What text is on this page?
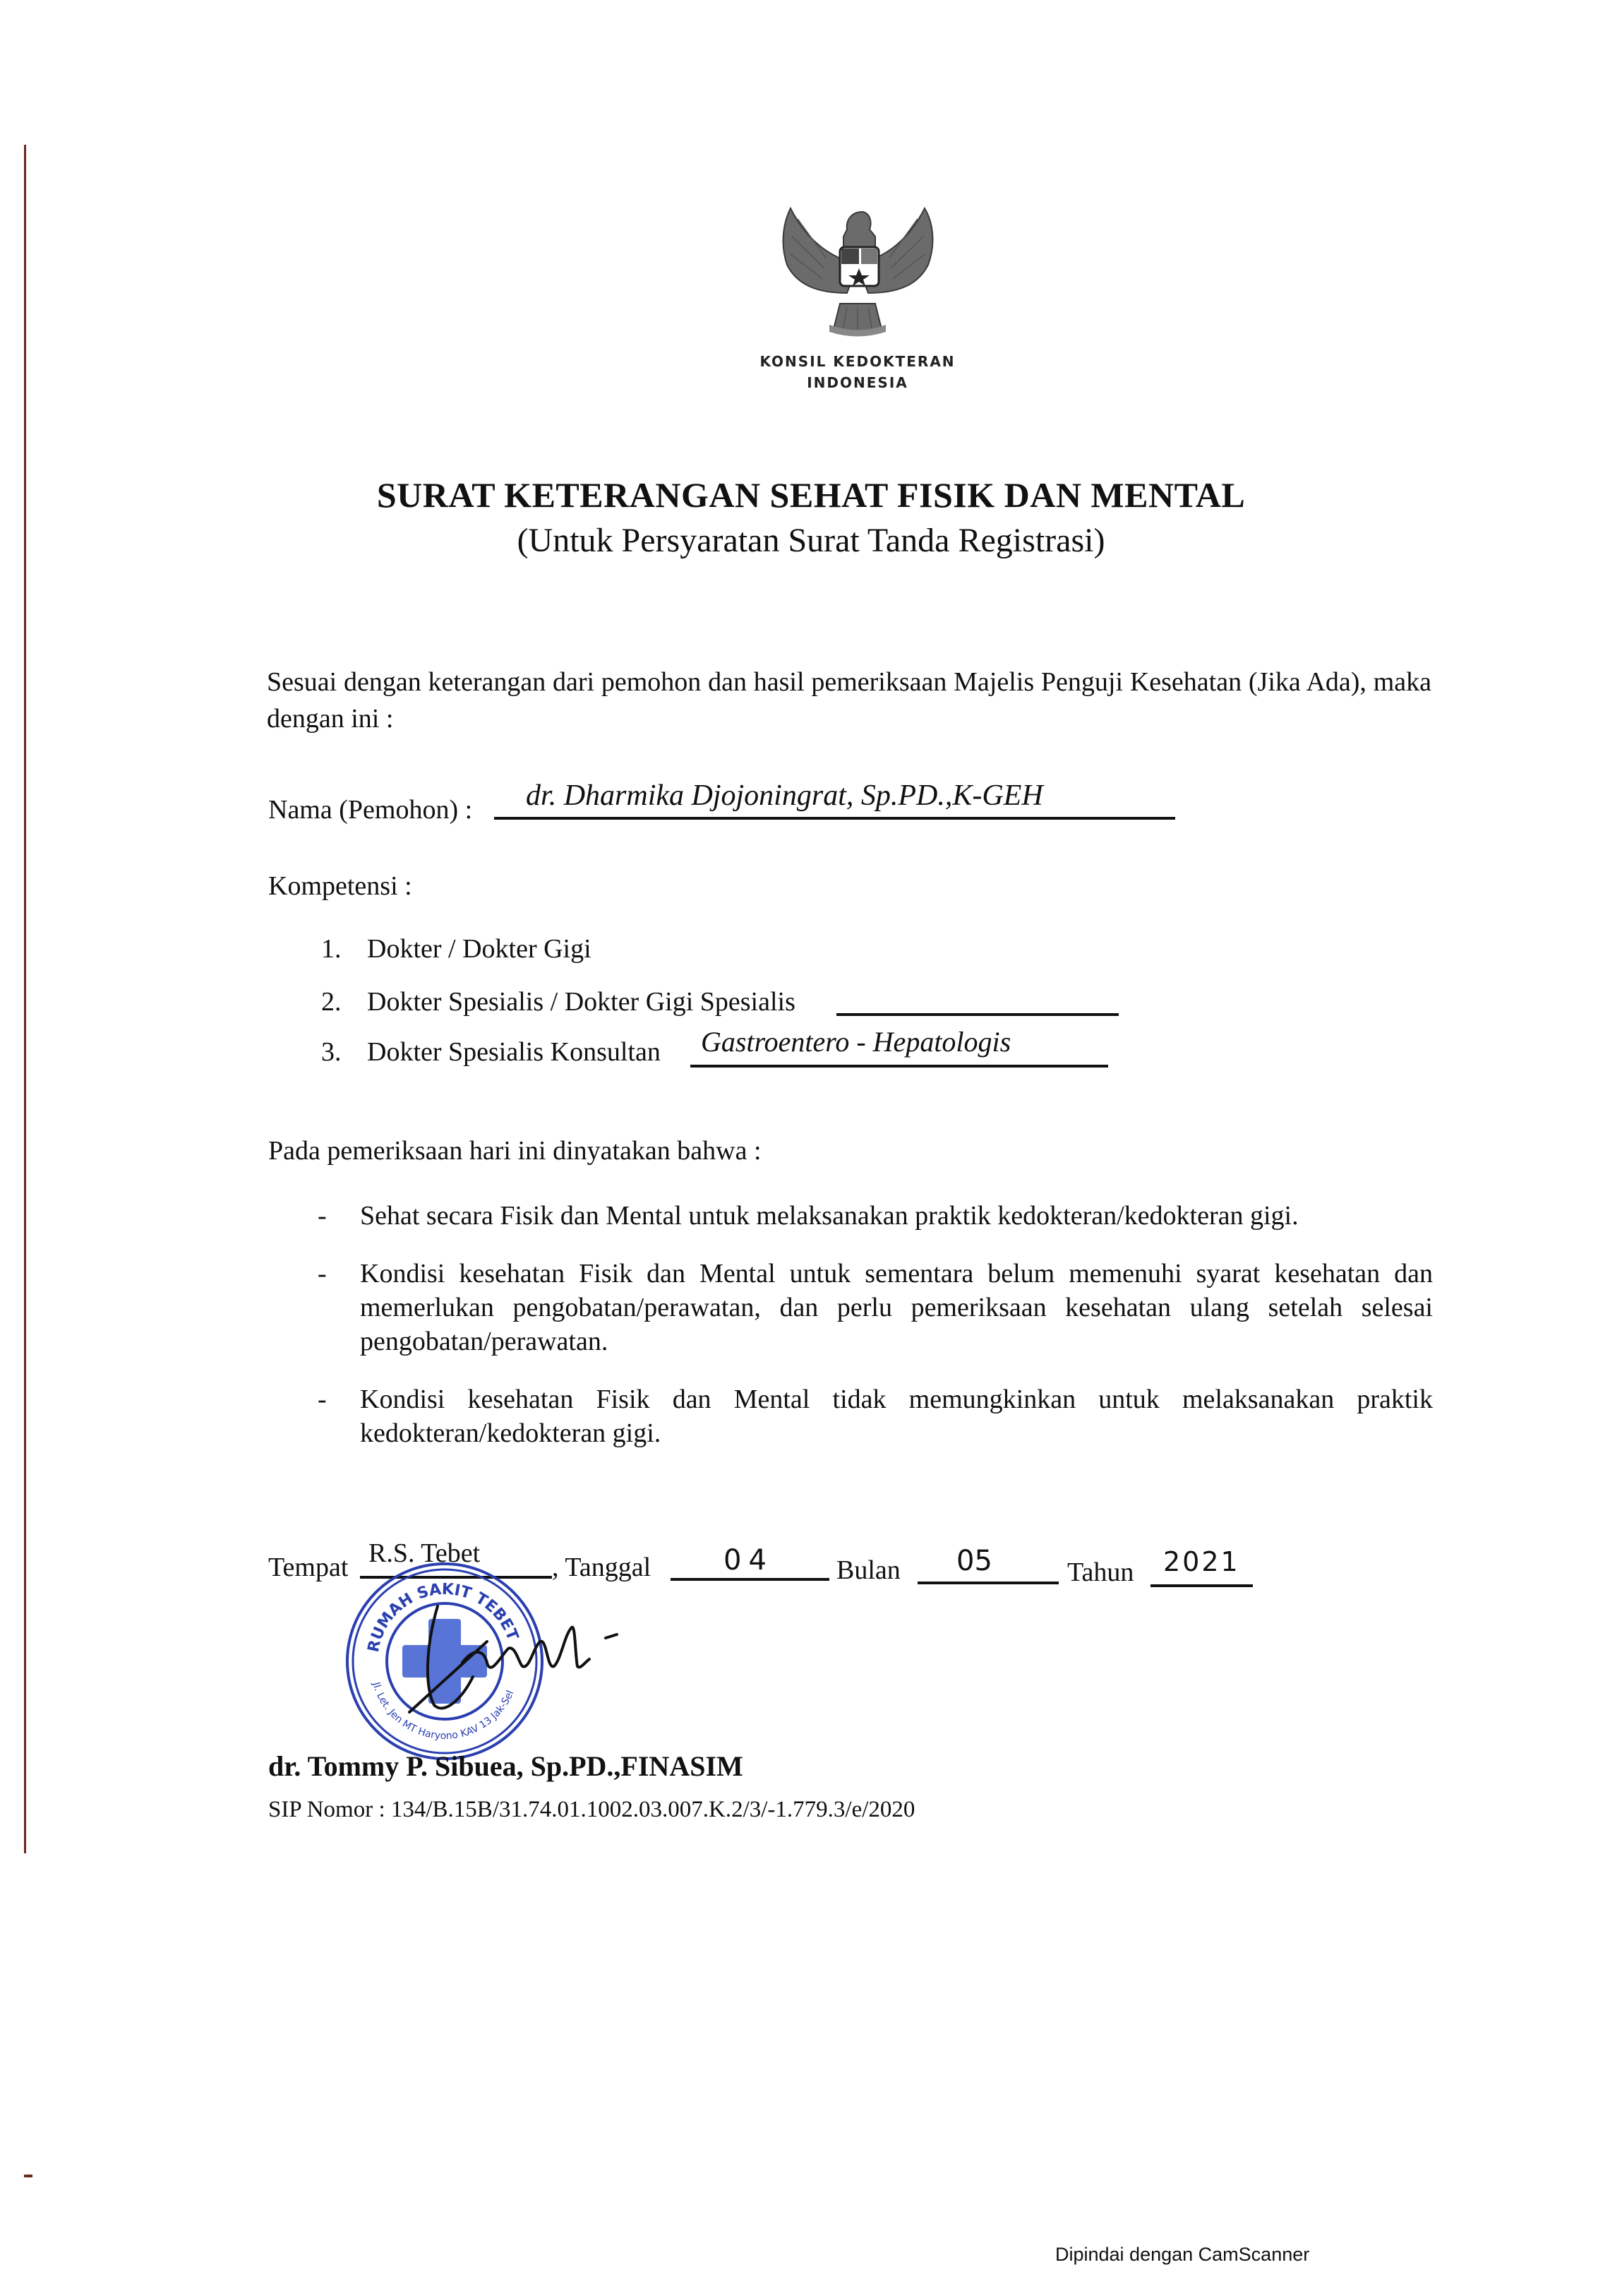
KONSIL KEDOKTERAN
INDONESIA
SURAT KETERANGAN SEHAT FISIK DAN MENTAL
(Untuk Persyaratan Surat Tanda Registrasi)
Sesuai dengan keterangan dari pemohon dan hasil pemeriksaan Majelis Penguji Kesehatan (Jika Ada), maka dengan ini :
Nama (Pemohon) : dr. Dharmika Djojoningrat, Sp.PD.,K-GEH
Kompetensi :
1. Dokter / Dokter Gigi
2. Dokter Spesialis / Dokter Gigi Spesialis
3. Dokter Spesialis Konsultan Gastroentero - Hepatologis
Pada pemeriksaan hari ini dinyatakan bahwa :
- Sehat secara Fisik dan Mental untuk melaksanakan praktik kedokteran/kedokteran gigi.
- Kondisi kesehatan Fisik dan Mental untuk sementara belum memenuhi syarat kesehatan dan memerlukan pengobatan/perawatan, dan perlu pemeriksaan kesehatan ulang setelah selesai pengobatan/perawatan.
- Kondisi kesehatan Fisik dan Mental tidak memungkinkan untuk melaksanakan praktik kedokteran/kedokteran gigi.
Tempat R.S. Tebet	, Tanggal	04 Bulan 05	Tahun 2021
RUMAH SAKIT TEBET
Jl. Let. Jen MT Haryono KAV 13 Jak-Sel
dr. Tommy P. Sibuea, Sp.PD.,FINASIM
SIP Nomor : 134/B.15B/31.74.01.1002.03.007.K.2/3/-1.779.3/e/2020
Dipindai dengan CamScanner
